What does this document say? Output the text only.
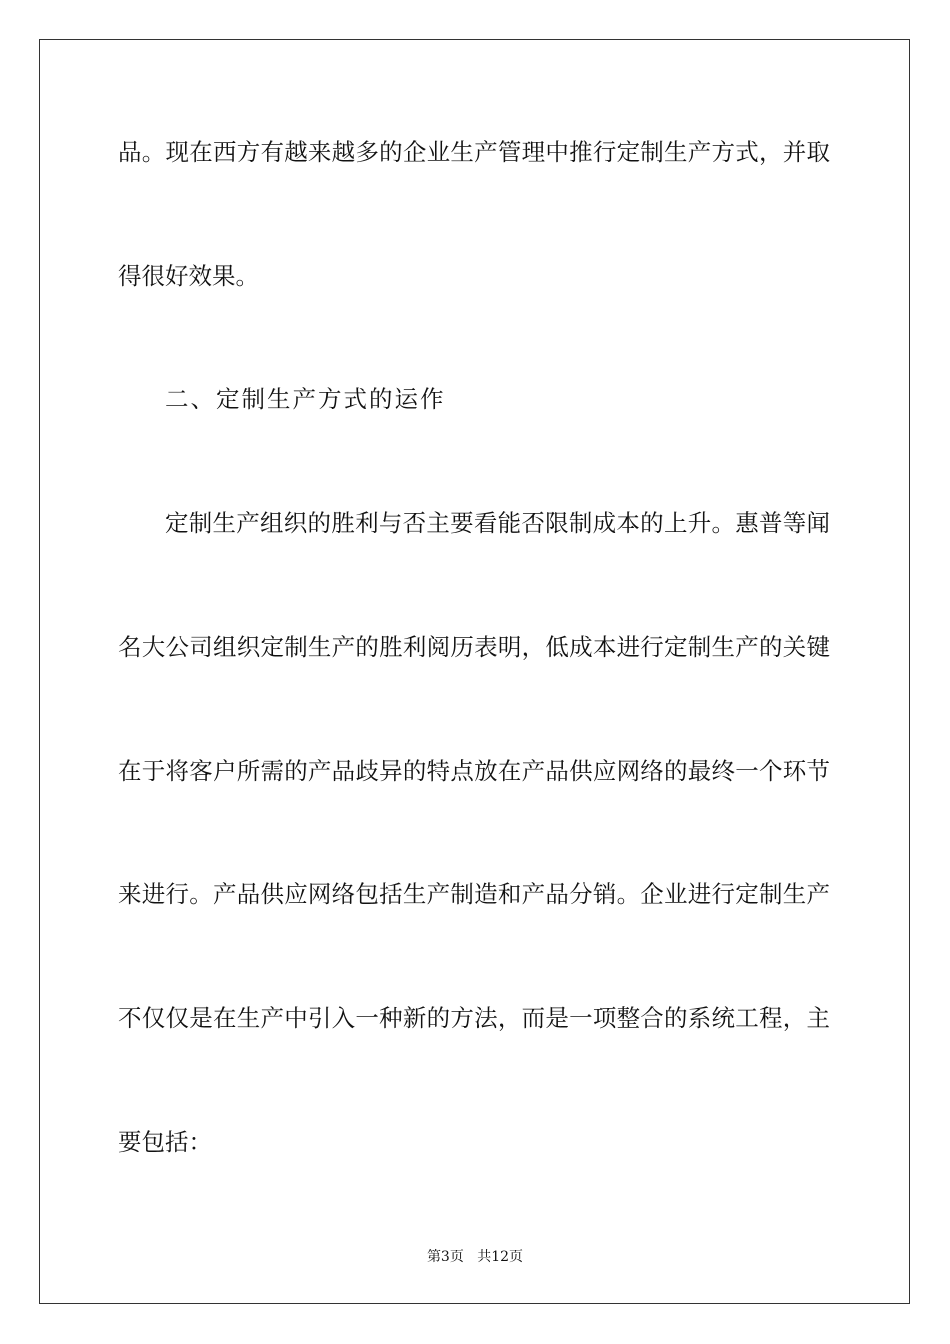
品。现在西方有越来越多的企业生产管理中推行定制生产方式，并取
得很好效果。
二、定制生产方式的运作
定制生产组织的胜利与否主要看能否限制成本的上升。惠普等闻
名大公司组织定制生产的胜利阅历表明，低成本进行定制生产的关键
在于将客户所需的产品歧异的特点放在产品供应网络的最终一个环节
来进行。产品供应网络包括生产制造和产品分销。企业进行定制生产
不仅仅是在生产中引入一种新的方法，而是一项整合的系统工程，主
要包括：
第3页 共12页
